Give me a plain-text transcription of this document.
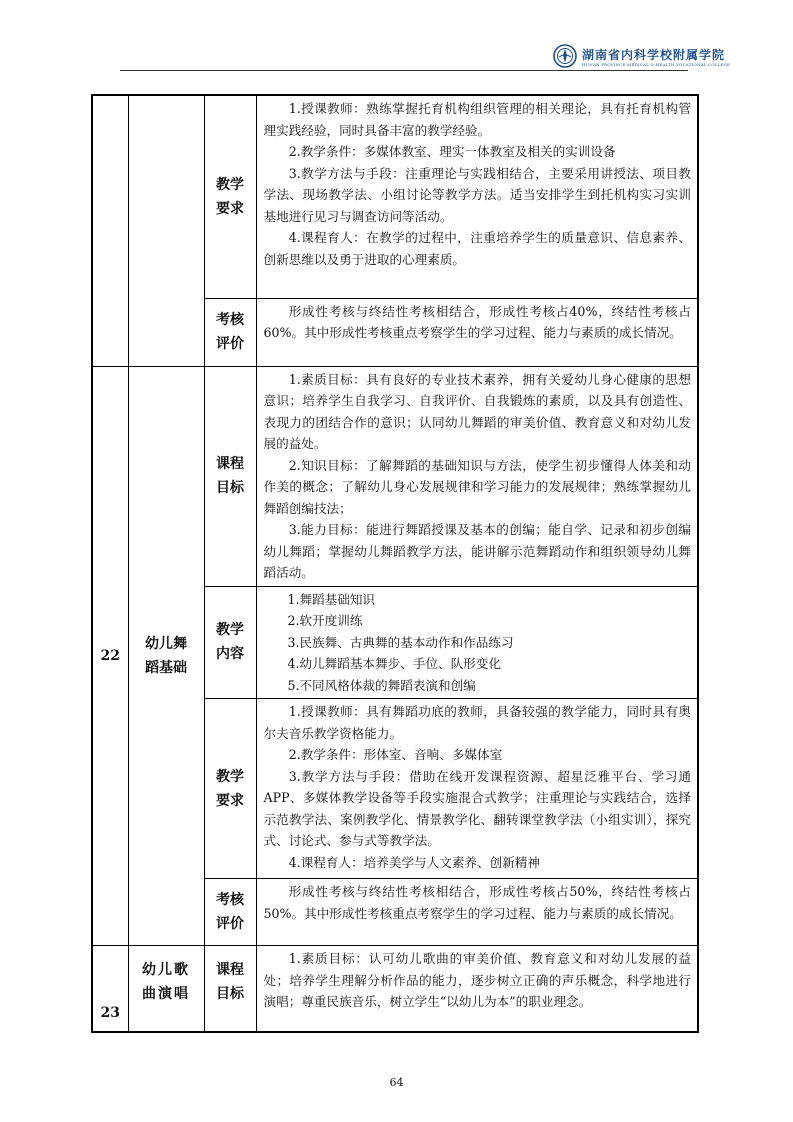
湖南省内科学校附属学院
HUNAN PROVINCE MEDICAL & HEALTH VOCATIONAL COLLEGE
		教学要求	1.授课教师：熟练掌握托育机构组织管理的相关理论，具有托育机构管理实践经验，同时具备丰富的教学经验。

2.教学条件：多媒体教室、理实一体教室及相关的实训设备

3.教学方法与手段：注重理论与实践相结合，主要采用讲授法、项目教学法、现场教学法、小组讨论等教学方法。适当安排学生到托机构实习实训基地进行见习与调查访问等活动。

4.课程育人：在教学的过程中，注重培养学生的质量意识、信息素养、创新思维以及勇于进取的心理素质。

		考核评价	形成性考核与终结性考核相结合，形成性考核占40%，终结性考核占60%。其中形成性考核重点考察学生的学习过程、能力与素质的成长情况。

22	幼儿舞蹈基础	课程目标	1.素质目标：具有良好的专业技术素养，拥有关爱幼儿身心健康的思想意识；培养学生自我学习、自我评价、自我锻炼的素质，以及具有创造性、表现力的团结合作的意识；认同幼儿舞蹈的审美价值、教育意义和对幼儿发展的益处。

2.知识目标：了解舞蹈的基础知识与方法，使学生初步懂得人体美和动作美的概念；了解幼儿身心发展规律和学习能力的发展规律；熟练掌握幼儿舞蹈创编技法；

3.能力目标：能进行舞蹈授课及基本的创编；能自学、记录和初步创编幼儿舞蹈；掌握幼儿舞蹈教学方法，能讲解示范舞蹈动作和组织领导幼儿舞蹈活动。

		教学内容	1.舞蹈基础知识

2.软开度训练

3.民族舞、古典舞的基本动作和作品练习

4.幼儿舞蹈基本舞步、手位、队形变化

5.不同风格体裁的舞蹈表演和创编

		教学要求	1.授课教师：具有舞蹈功底的教师，具备较强的教学能力，同时具有奥尔夫音乐教学资格能力。

2.教学条件：形体室、音响、多媒体室

3.教学方法与手段：借助在线开发课程资源、超星泛雅平台、学习通APP、多媒体教学设备等手段实施混合式教学；注重理论与实践结合，选择示范教学法、案例教学化、情景教学化、翻转课堂教学法（小组实训），探究式、讨论式、参与式等教学法。

4.课程育人：培养美学与人文素养、创新精神

		考核评价	形成性考核与终结性考核相结合，形成性考核占50%，终结性考核占50%。其中形成性考核重点考察学生的学习过程、能力与素质的成长情况。

23	幼儿歌曲演唱	课程目标	1.素质目标：认可幼儿歌曲的审美价值、教育意义和对幼儿发展的益处；培养学生理解分析作品的能力，逐步树立正确的声乐概念，科学地进行演唱；尊重民族音乐，树立学生“以幼儿为本”的职业理念。

64
